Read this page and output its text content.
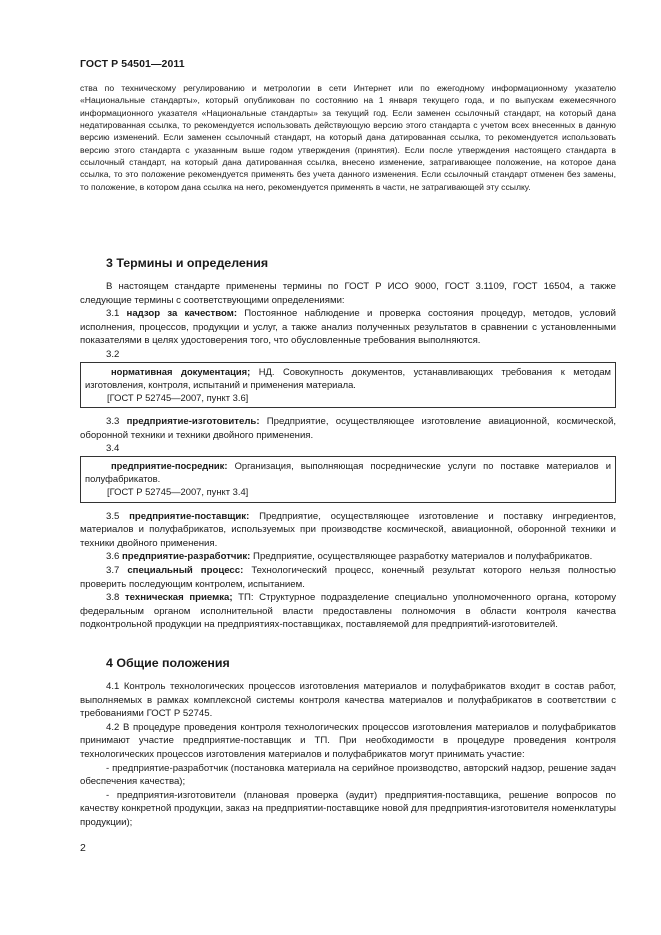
ГОСТ Р 54501—2011

ства по техническому регулированию и метрологии в сети Интернет или по ежегодному информационному указателю «Национальные стандарты», который опубликован по состоянию на 1 января текущего года, и по выпускам ежемесячного информационного указателя «Национальные стандарты» за текущий год. Если заменен ссылочный стандарт, на который дана недатированная ссылка, то рекомендуется использовать действующую версию этого стандарта с учетом всех внесенных в данную версию изменений. Если заменен ссылочный стандарт, на который дана датированная ссылка, то рекомендуется использовать версию этого стандарта с указанным выше годом утверждения (принятия). Если после утверждения настоящего стандарта в ссылочный стандарт, на который дана датированная ссылка, внесено изменение, затрагивающее положение, на которое дана ссылка, то это положение рекомендуется применять без учета данного изменения. Если ссылочный стандарт отменен без замены, то положение, в котором дана ссылка на него, рекомендуется применять в части, не затрагивающей эту ссылку.

3 Термины и определения

В настоящем стандарте применены термины по ГОСТ Р ИСО 9000, ГОСТ 3.1109, ГОСТ 16504, а также следующие термины с соответствующими определениями:

3.1 надзор за качеством: Постоянное наблюдение и проверка состояния процедур, методов, условий исполнения, процессов, продукции и услуг, а также анализ полученных результатов в сравнении с установленными показателями в целях удостоверения того, что обусловленные требования выполняются.

3.2

нормативная документация; НД. Совокупность документов, устанавливающих требования к методам изготовления, контроля, испытаний и применения материала.

[ГОСТ Р 52745—2007, пункт 3.6]

3.3 предприятие-изготовитель: Предприятие, осуществляющее изготовление авиационной, космической, оборонной техники и техники двойного применения.

3.4

предприятие-посредник: Организация, выполняющая посреднические услуги по поставке материалов и полуфабрикатов.

[ГОСТ Р 52745—2007, пункт 3.4]

3.5 предприятие-поставщик: Предприятие, осуществляющее изготовление и поставку ингредиентов, материалов и полуфабрикатов, используемых при производстве космической, авиационной, оборонной техники и техники двойного применения.

3.6 предприятие-разработчик: Предприятие, осуществляющее разработку материалов и полуфабрикатов.

3.7 специальный процесс: Технологический процесс, конечный результат которого нельзя полностью проверить последующим контролем, испытанием.

3.8 техническая приемка; ТП: Структурное подразделение специально уполномоченного органа, которому федеральным органом исполнительной власти предоставлены полномочия в области контроля качества подконтрольной продукции на предприятиях-поставщиках, поставляемой для предприятий-изготовителей.

4 Общие положения

4.1 Контроль технологических процессов изготовления материалов и полуфабрикатов входит в состав работ, выполняемых в рамках комплексной системы контроля качества материалов и полуфабрикатов в соответствии с требованиями ГОСТ Р 52745.

4.2 В процедуре проведения контроля технологических процессов изготовления материалов и полуфабрикатов принимают участие предприятие-поставщик и ТП. При необходимости в процедуре проведения контроля технологических процессов изготовления материалов и полуфабрикатов могут принимать участие:

- предприятие-разработчик (постановка материала на серийное производство, авторский надзор, решение задач обеспечения качества);

- предприятия-изготовители (плановая проверка (аудит) предприятия-поставщика, решение вопросов по качеству конкретной продукции, заказ на предприятии-поставщике новой для предприятия-изготовителя номенклатуры продукции);

2
